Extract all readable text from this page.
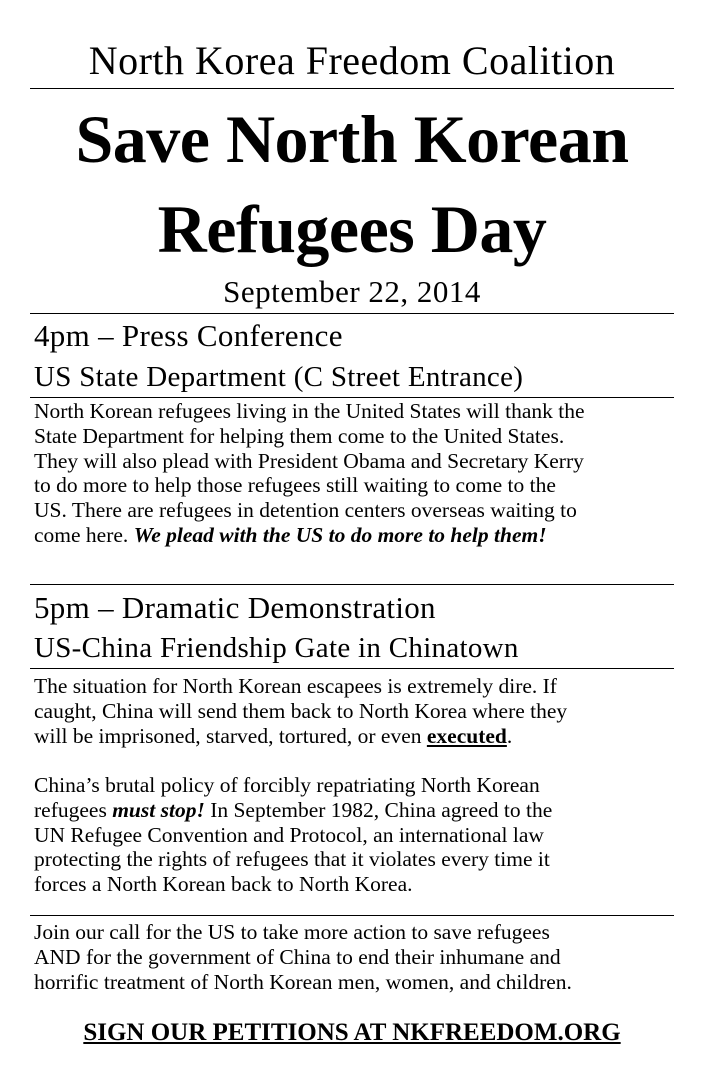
North Korea Freedom Coalition
Save North Korean
Refugees Day
September 22, 2014
4pm – Press Conference
US State Department (C Street Entrance)
North Korean refugees living in the United States will thank the
State Department for helping them come to the United States.
They will also plead with President Obama and Secretary Kerry
to do more to help those refugees still waiting to come to the
US. There are refugees in detention centers overseas waiting to
come here. We plead with the US to do more to help them!
5pm – Dramatic Demonstration
US-China Friendship Gate in Chinatown
The situation for North Korean escapees is extremely dire. If
caught, China will send them back to North Korea where they
will be imprisoned, starved, tortured, or even executed.
China’s brutal policy of forcibly repatriating North Korean
refugees must stop! In September 1982, China agreed to the
UN Refugee Convention and Protocol, an international law
protecting the rights of refugees that it violates every time it
forces a North Korean back to North Korea.
Join our call for the US to take more action to save refugees
AND for the government of China to end their inhumane and
horrific treatment of North Korean men, women, and children.
SIGN OUR PETITIONS AT NKFREEDOM.ORG
